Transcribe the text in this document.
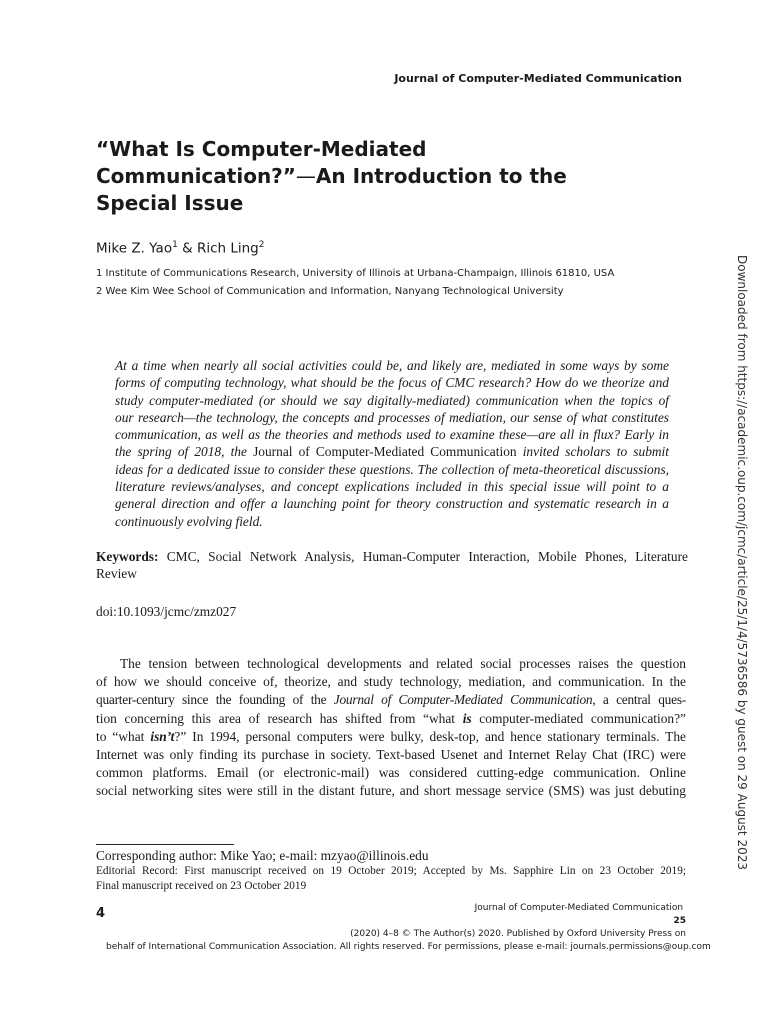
Journal of Computer-Mediated Communication
“What Is Computer-Mediated
Communication?”—An Introduction to the
Special Issue
Mike Z. Yao$^1$ & Rich Ling$^2$
1 Institute of Communications Research, University of Illinois at Urbana-Champaign, Illinois 61810, USA
2 Wee Kim Wee School of Communication and Information, Nanyang Technological University
At a time when nearly all social activities could be, and likely are, mediated in some ways by some
forms of computing technology, what should be the focus of CMC research? How do we theorize and
study computer-mediated (or should we say digitally-mediated) communication when the topics of
our research—the technology, the concepts and processes of mediation, our sense of what constitutes
communication, as well as the theories and methods used to examine these—are all in flux? Early in
the spring of 2018, the Journal of Computer-Mediated Communication invited scholars to submit
ideas for a dedicated issue to consider these questions. The collection of meta-theoretical discussions,
literature reviews/analyses, and concept explications included in this special issue will point to a
general direction and offer a launching point for theory construction and systematic research in a
continuously evolving field.
Keywords: CMC, Social Network Analysis, Human-Computer Interaction, Mobile Phones, Literature
Review
doi:10.1093/jcmc/zmz027
The tension between technological developments and related social processes raises the question
of how we should conceive of, theorize, and study technology, mediation, and communication. In the
quarter-century since the founding of the Journal of Computer-Mediated Communication, a central ques-
tion concerning this area of research has shifted from “what is computer-mediated communication?”
to “what isn’t?” In 1994, personal computers were bulky, desk-top, and hence stationary terminals. The
Internet was only finding its purchase in society. Text-based Usenet and Internet Relay Chat (IRC) were
common platforms. Email (or electronic-mail) was considered cutting-edge communication. Online
social networking sites were still in the distant future, and short message service (SMS) was just debuting
Corresponding author: Mike Yao; e-mail: mzyao@illinois.edu
Editorial Record: First manuscript received on 19 October 2019; Accepted by Ms. Sapphire Lin on 23 October 2019;
Final manuscript received on 23 October 2019
4	Journal of Computer-Mediated Communication
25
(2020) 4–8 © The Author(s) 2020. Published by Oxford University Press on
behalf of International Communication Association. All rights reserved. For permissions, please e-mail: journals.permissions@oup.com
Downloaded from https://academic.oup.com/jcmc/article/25/1/4/5736586 by guest on 29 August 2023
